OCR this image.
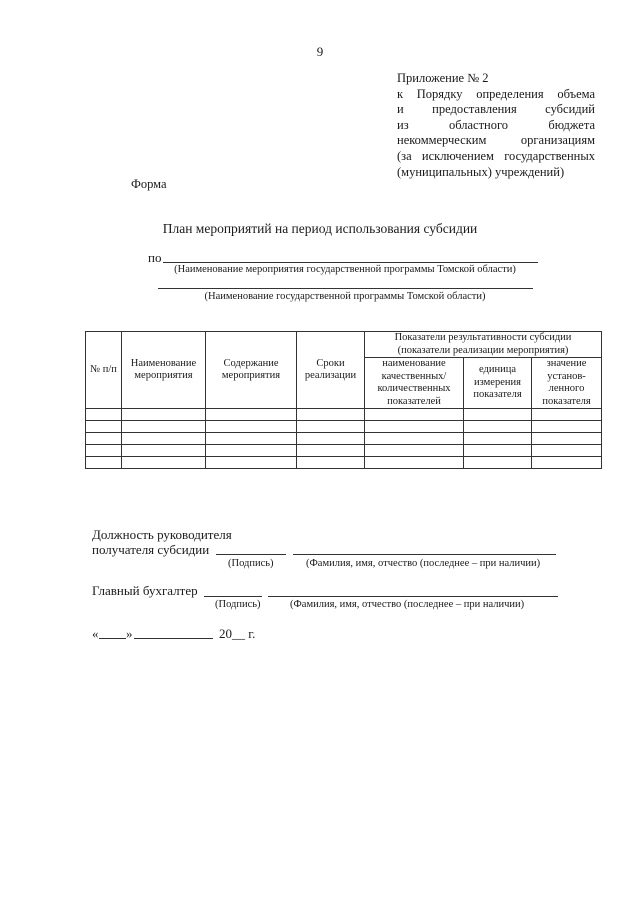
9
Приложение № 2
к Порядку определения объема
и предоставления субсидий
из областного бюджета
некоммерческим организациям
(за исключением государственных
(муниципальных) учреждений)
Форма
План мероприятий на период использования субсидии
по
(Наименование мероприятия государственной программы Томской области)
(Наименование государственной программы Томской области)
№ п/п	Наименование мероприятия	Содержание мероприятия	Сроки реализации	Показатели результативности субсидии (показатели реализации мероприятия)		
				наименование качественных/ количественных показателей	единица измерения показателя	значение установ-ленного показателя

Должность руководителя
получателя субсидии
(Подпись)	(Фамилия, имя, отчество (последнее – при наличии)
Главный бухгалтер
(Подпись)	(Фамилия, имя, отчество (последнее – при наличии)
« »	20__ г.
